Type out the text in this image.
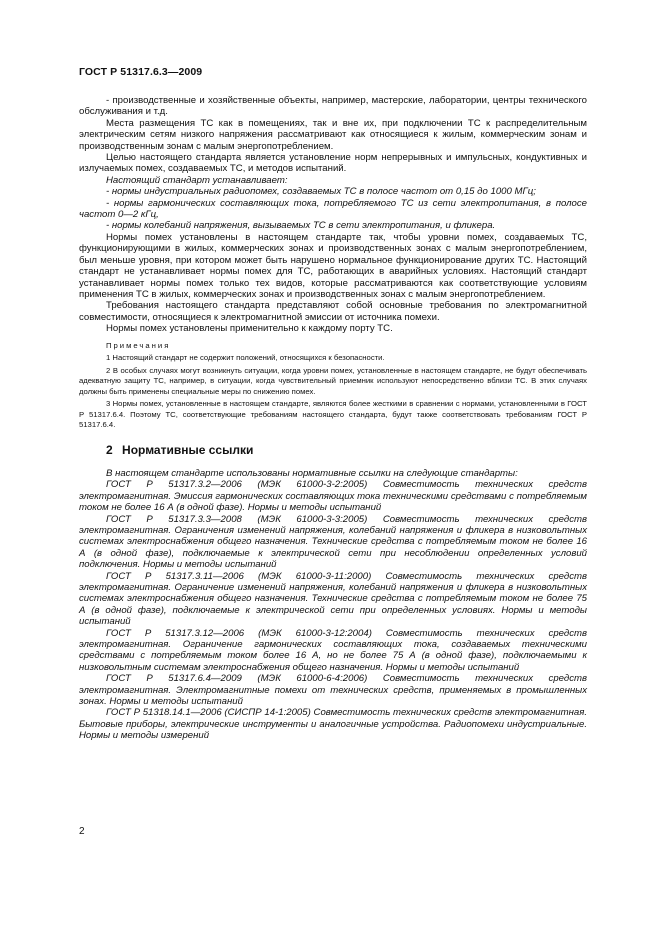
ГОСТ Р 51317.6.3—2009

- производственные и хозяйственные объекты, например, мастерские, лаборатории, центры технического обслуживания и т.д.

Места размещения ТС как в помещениях, так и вне их, при подключении ТС к распределительным электрическим сетям низкого напряжения рассматривают как относящиеся к жилым, коммерческим зонам и производственным зонам с малым энергопотреблением.

Целью настоящего стандарта является установление норм непрерывных и импульсных, кондуктивных и излучаемых помех, создаваемых ТС, и методов испытаний.

Настоящий стандарт устанавливает:

- нормы индустриальных радиопомех, создаваемых ТС в полосе частот от 0,15 до 1000 МГц;

- нормы гармонических составляющих тока, потребляемого ТС из сети электропитания, в полосе частот 0—2 кГц,

- нормы колебаний напряжения, вызываемых ТС в сети электропитания, и фликера.

Нормы помех установлены в настоящем стандарте так, чтобы уровни помех, создаваемых ТС, функционирующими в жилых, коммерческих зонах и производственных зонах с малым энергопотреблением, был меньше уровня, при котором может быть нарушено нормальное функционирование других ТС. Настоящий стандарт не устанавливает нормы помех для ТС, работающих в аварийных условиях. Настоящий стандарт устанавливает нормы помех только тех видов, которые рассматриваются как соответствующие условиям применения ТС в жилых, коммерческих зонах и производственных зонах с малым энергопотреблением.

Требования настоящего стандарта представляют собой основные требования по электромагнитной совместимости, относящиеся к электромагнитной эмиссии от источника помехи.

Нормы помех установлены применительно к каждому порту ТС.

Примечания

1 Настоящий стандарт не содержит положений, относящихся к безопасности.

2 В особых случаях могут возникнуть ситуации, когда уровни помех, установленные в настоящем стандарте, не будут обеспечивать адекватную защиту ТС, например, в ситуации, когда чувствительный приемник используют непосредственно вблизи ТС. В этих случаях должны быть применены специальные меры по снижению помех.

3 Нормы помех, установленные в настоящем стандарте, являются более жесткими в сравнении с нормами, установленными в ГОСТ Р 51317.6.4. Поэтому ТС, соответствующие требованиям настоящего стандарта, будут также соответствовать требованиям ГОСТ Р 51317.6.4.

2 Нормативные ссылки

В настоящем стандарте использованы нормативные ссылки на следующие стандарты:

ГОСТ Р 51317.3.2—2006 (МЭК 61000-3-2:2005) Совместимость технических средств электромагнитная. Эмиссия гармонических составляющих тока техническими средствами с потребляемым током не более 16 А (в одной фазе). Нормы и методы испытаний

ГОСТ Р 51317.3.3—2008 (МЭК 61000-3-3:2005) Совместимость технических средств электромагнитная. Ограничения изменений напряжения, колебаний напряжения и фликера в низковольтных системах электроснабжения общего назначения. Технические средства с потребляемым током не более 16 А (в одной фазе), подключаемые к электрической сети при несоблюдении определенных условий подключения. Нормы и методы испытаний

ГОСТ Р 51317.3.11—2006 (МЭК 61000-3-11:2000) Совместимость технических средств электромагнитная. Ограничение изменений напряжения, колебаний напряжения и фликера в низковольтных системах электроснабжения общего назначения. Технические средства с потребляемым током не более 75 А (в одной фазе), подключаемые к электрической сети при определенных условиях. Нормы и методы испытаний

ГОСТ Р 51317.3.12—2006 (МЭК 61000-3-12:2004) Совместимость технических средств электромагнитная. Ограничение гармонических составляющих тока, создаваемых техническими средствами с потребляемым током более 16 А, но не более 75 А (в одной фазе), подключаемыми к низковольтным системам электроснабжения общего назначения. Нормы и методы испытаний

ГОСТ Р 51317.6.4—2009 (МЭК 61000-6-4:2006) Совместимость технических средств электромагнитная. Электромагнитные помехи от технических средств, применяемых в промышленных зонах. Нормы и методы испытаний

ГОСТ Р 51318.14.1—2006 (СИСПР 14-1:2005) Совместимость технических средств электромагнитная. Бытовые приборы, электрические инструменты и аналогичные устройства. Радиопомехи индустриальные. Нормы и методы измерений

2
